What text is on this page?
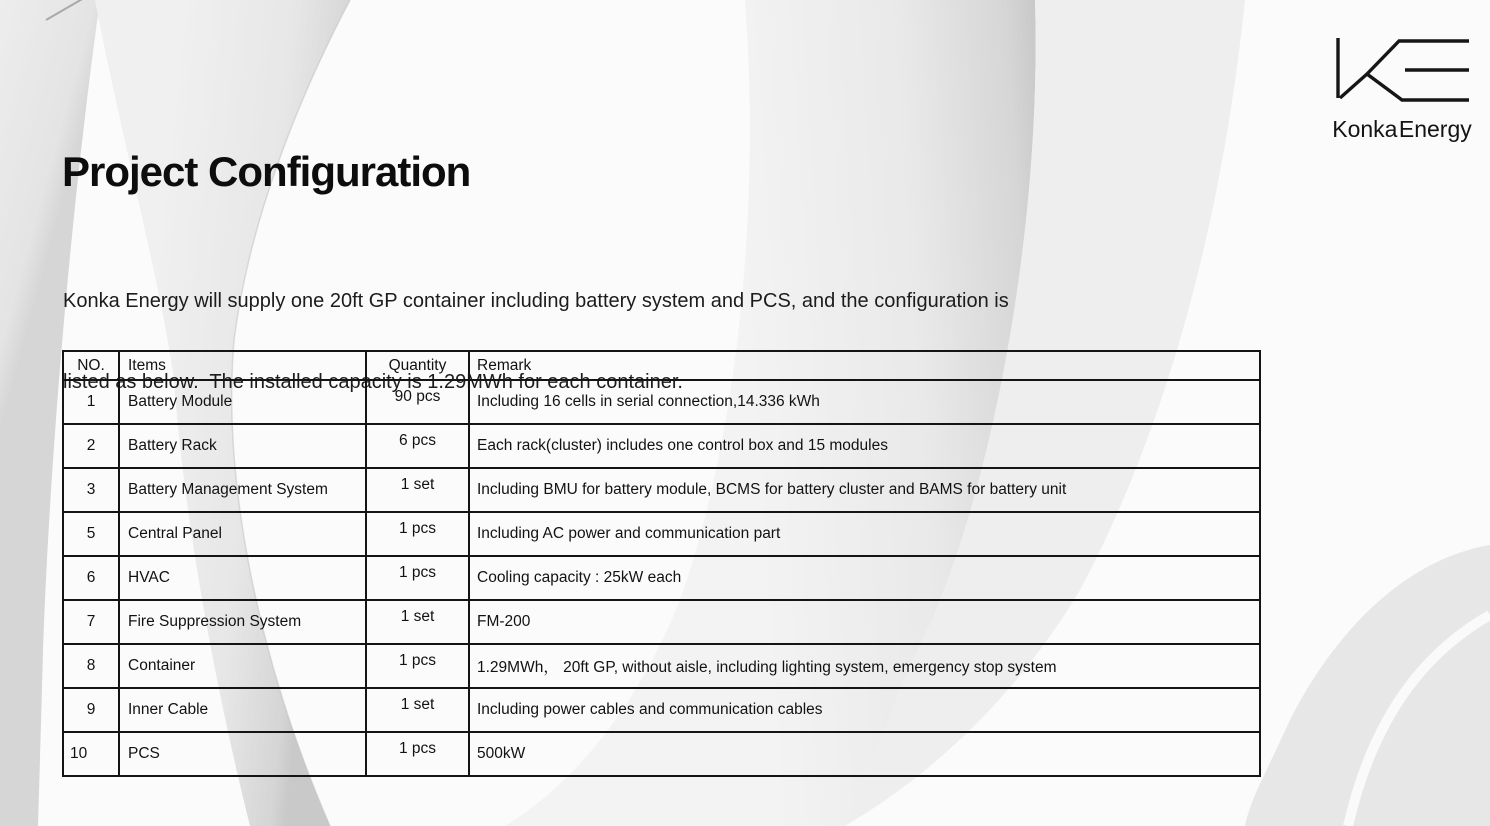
Konka Energy
Project Configuration

Konka Energy will supply one 20ft GP container including battery system and PCS, and the configuration is

listed as below.  The installed capacity is 1.29MWh for each container.

NO.	Items	Quantity	Remark
1	Battery Module	90 pcs	Including 16 cells in serial connection,14.336 kWh
2	Battery Rack	6 pcs	Each rack(cluster) includes one control box and 15 modules
3	Battery Management System	1 set	Including BMU for battery module, BCMS for battery cluster and BAMS for battery unit
5	Central Panel	1 pcs	Including AC power and communication part
6	HVAC	1 pcs	Cooling capacity : 25kW each
7	Fire Suppression System	1 set	FM-200
8	Container	1 pcs	1.29MWh， 20ft GP, without aisle, including lighting system, emergency stop system
9	Inner Cable	1 set	Including power cables and communication cables
10	PCS	1 pcs	500kW
